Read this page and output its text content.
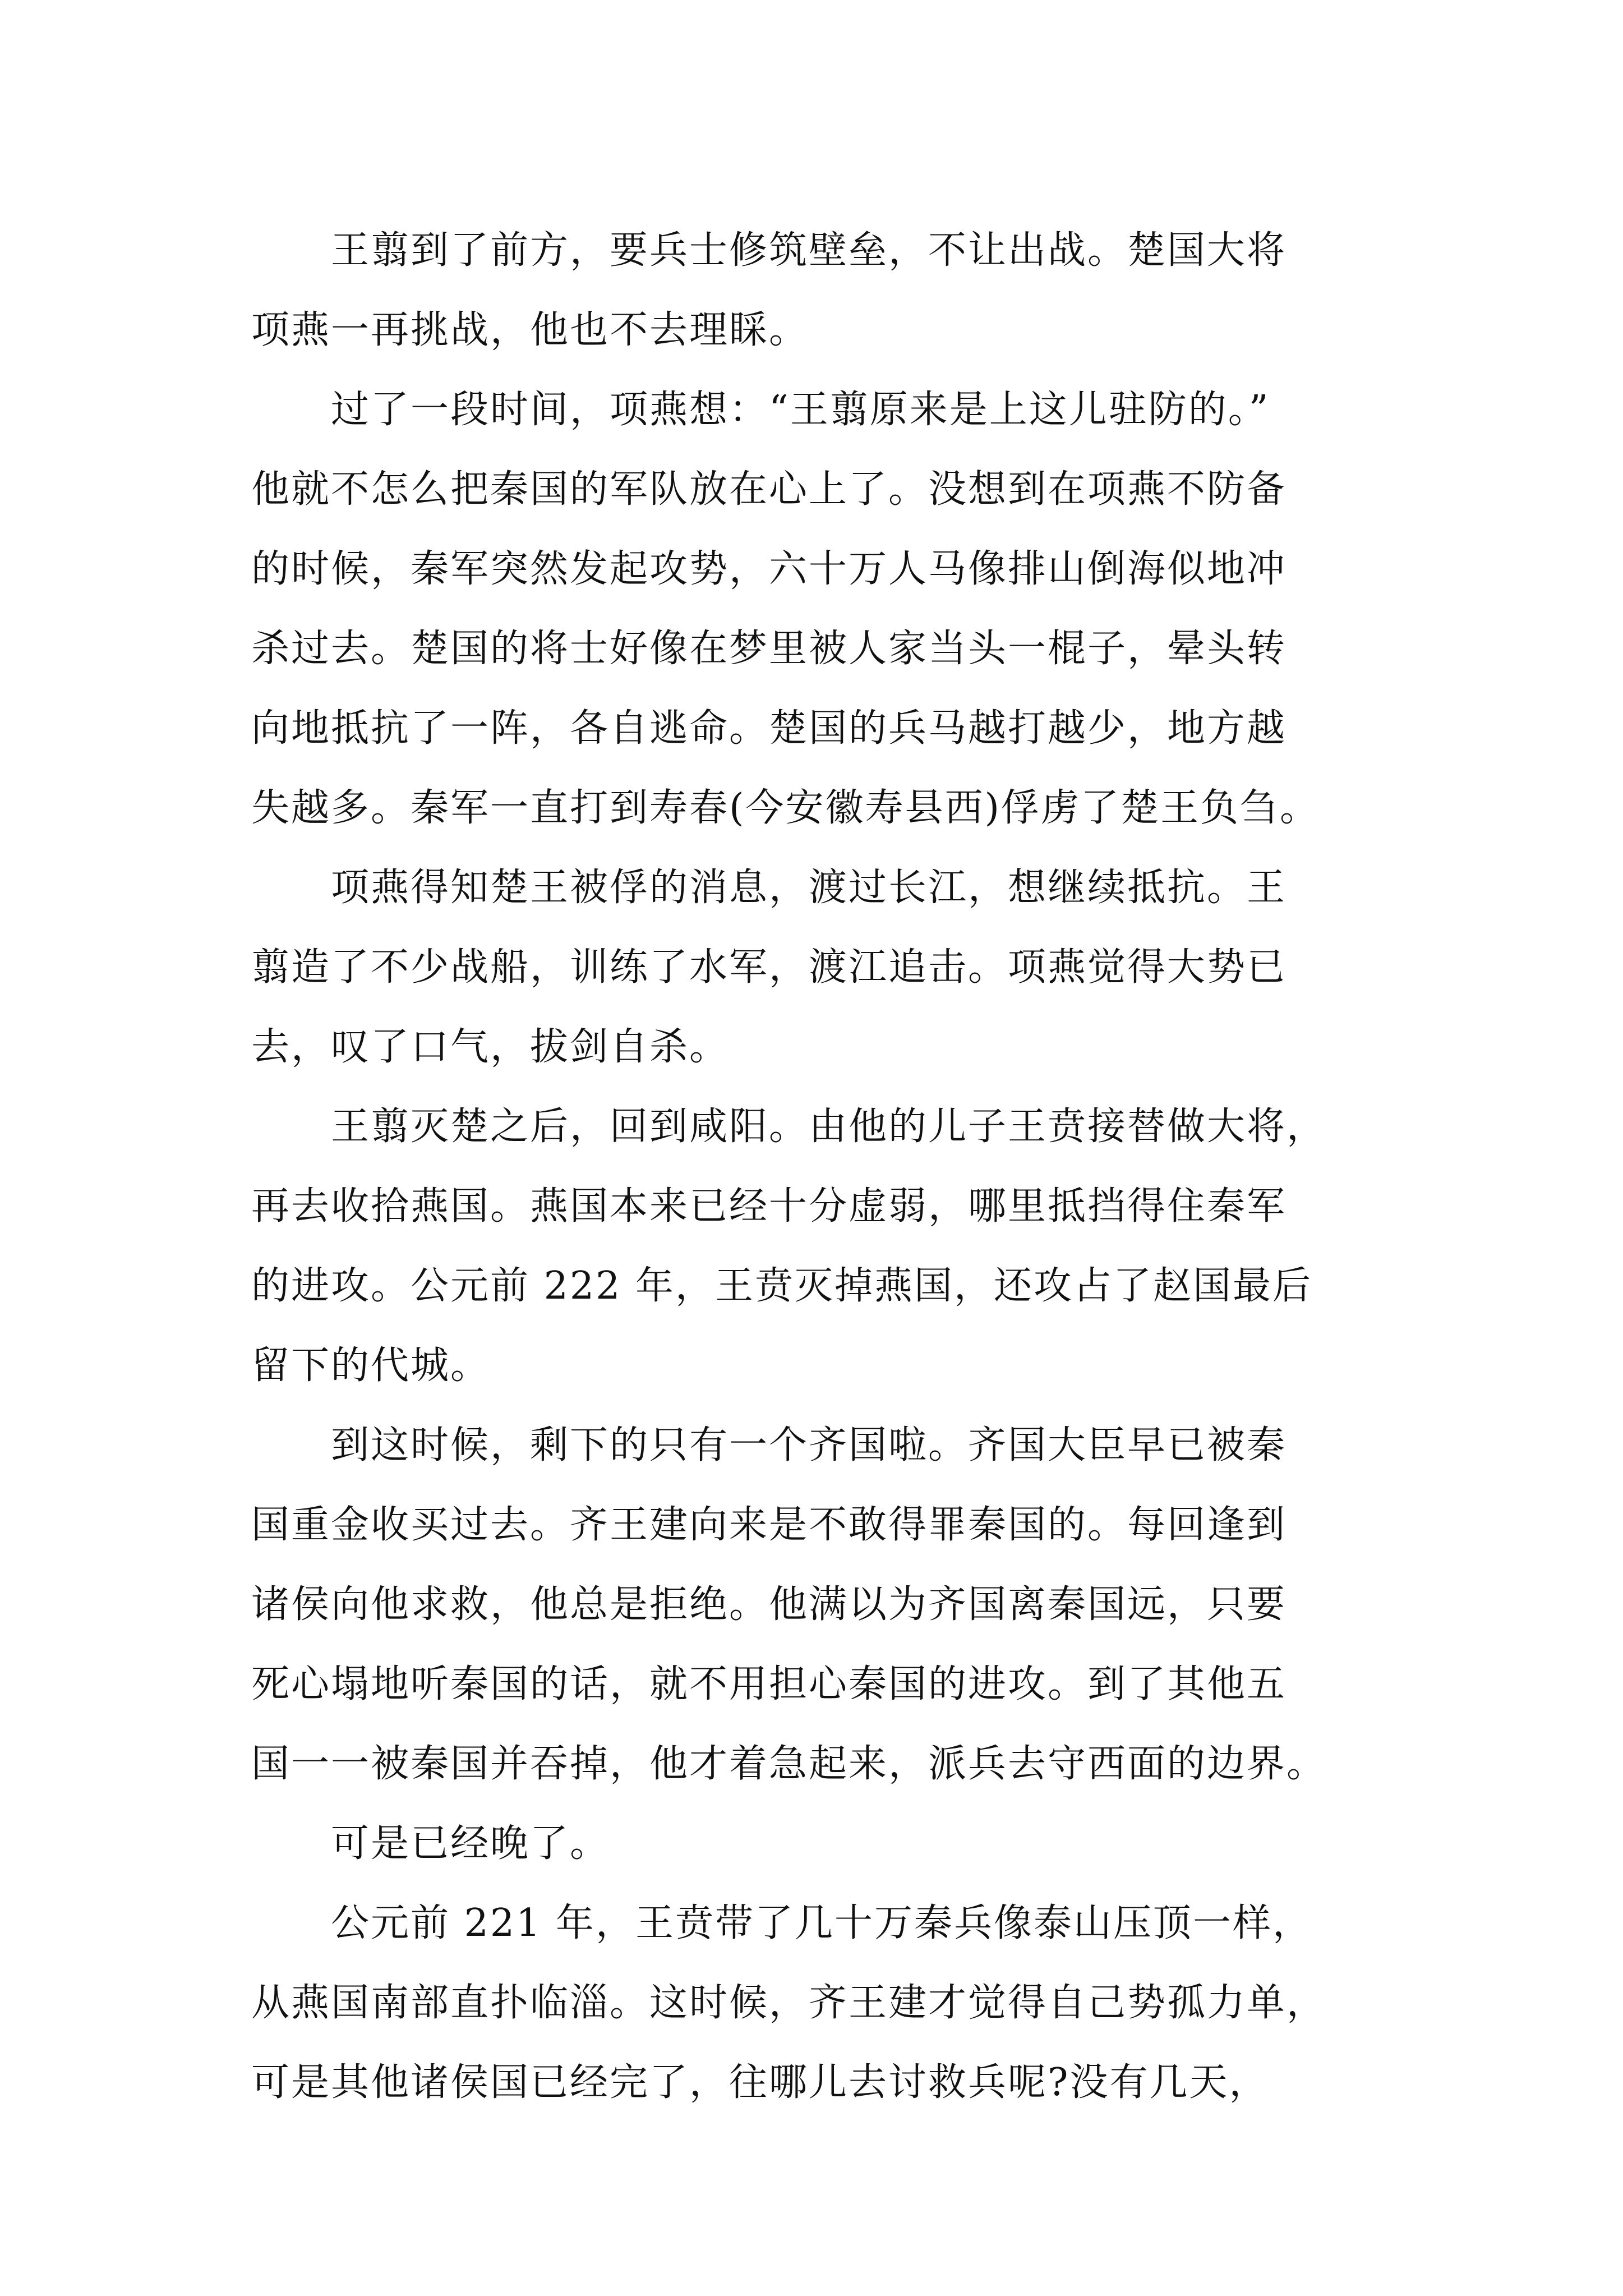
　　王翦到了前方，要兵士修筑壁垒，不让出战。楚国大将
项燕一再挑战，他也不去理睬。
　　过了一段时间，项燕想：“王翦原来是上这儿驻防的。”
他就不怎么把秦国的军队放在心上了。没想到在项燕不防备
的时候，秦军突然发起攻势，六十万人马像排山倒海似地冲
杀过去。楚国的将士好像在梦里被人家当头一棍子，晕头转
向地抵抗了一阵，各自逃命。楚国的兵马越打越少，地方越
失越多。秦军一直打到寿春(今安徽寿县西)俘虏了楚王负刍。
　　项燕得知楚王被俘的消息，渡过长江，想继续抵抗。王
翦造了不少战船，训练了水军，渡江追击。项燕觉得大势已
去，叹了口气，拔剑自杀。
　　王翦灭楚之后，回到咸阳。由他的儿子王贲接替做大将，
再去收拾燕国。燕国本来已经十分虚弱，哪里抵挡得住秦军
的进攻。公元前 222 年，王贲灭掉燕国，还攻占了赵国最后
留下的代城。
　　到这时候，剩下的只有一个齐国啦。齐国大臣早已被秦
国重金收买过去。齐王建向来是不敢得罪秦国的。每回逢到
诸侯向他求救，他总是拒绝。他满以为齐国离秦国远，只要
死心塌地听秦国的话，就不用担心秦国的进攻。到了其他五
国一一被秦国并吞掉，他才着急起来，派兵去守西面的边界。
　　可是已经晚了。
　　公元前 221 年，王贲带了几十万秦兵像泰山压顶一样，
从燕国南部直扑临淄。这时候，齐王建才觉得自己势孤力单，
可是其他诸侯国已经完了，往哪儿去讨救兵呢?没有几天，
